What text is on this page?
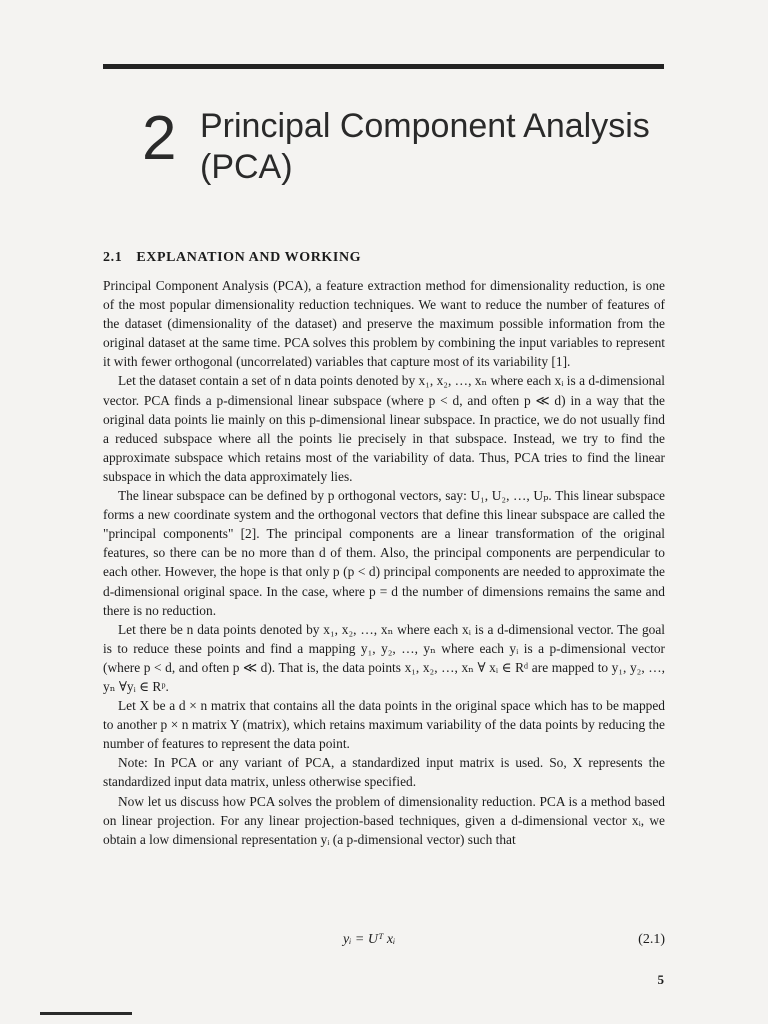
2 Principal Component Analysis (PCA)
2.1 EXPLANATION AND WORKING

Principal Component Analysis (PCA), a feature extraction method for dimensionality reduction, is one of the most popular dimensionality reduction techniques. We want to reduce the number of features of the dataset (dimensionality of the dataset) and preserve the maximum possible information from the original dataset at the same time. PCA solves this problem by combining the input variables to represent it with fewer orthogonal (uncorrelated) variables that capture most of its variability [1].

Let the dataset contain a set of n data points denoted by x₁, x₂, …, xₙ where each xᵢ is a d-dimensional vector. PCA finds a p-dimensional linear subspace (where p < d, and often p ≪ d) in a way that the original data points lie mainly on this p-dimensional linear subspace. In practice, we do not usually find a reduced subspace where all the points lie precisely in that subspace. Instead, we try to find the approximate subspace which retains most of the variability of data. Thus, PCA tries to find the linear subspace in which the data approximately lies.

The linear subspace can be defined by p orthogonal vectors, say: U₁, U₂, …, Uₚ. This linear subspace forms a new coordinate system and the orthogonal vectors that define this linear subspace are called the "principal components" [2]. The principal components are a linear transformation of the original features, so there can be no more than d of them. Also, the principal components are perpendicular to each other. However, the hope is that only p (p < d) principal components are needed to approximate the d-dimensional original space. In the case, where p = d the number of dimensions remains the same and there is no reduction.

Let there be n data points denoted by x₁, x₂, …, xₙ where each xᵢ is a d-dimensional vector. The goal is to reduce these points and find a mapping y₁, y₂, …, yₙ where each yᵢ is a p-dimensional vector (where p < d, and often p ≪ d). That is, the data points x₁, x₂, …, xₙ ∀ xᵢ ∈ Rᵈ are mapped to y₁, y₂, …, yₙ ∀yᵢ ∈ Rᵖ.

Let X be a d × n matrix that contains all the data points in the original space which has to be mapped to another p × n matrix Y (matrix), which retains maximum variability of the data points by reducing the number of features to represent the data point.

Note: In PCA or any variant of PCA, a standardized input matrix is used. So, X represents the standardized input data matrix, unless otherwise specified.

Now let us discuss how PCA solves the problem of dimensionality reduction. PCA is a method based on linear projection. For any linear projection-based techniques, given a d-dimensional vector xᵢ, we obtain a low dimensional representation yᵢ (a p-dimensional vector) such that

yᵢ = Uᵀ xᵢ	(2.1)
5
